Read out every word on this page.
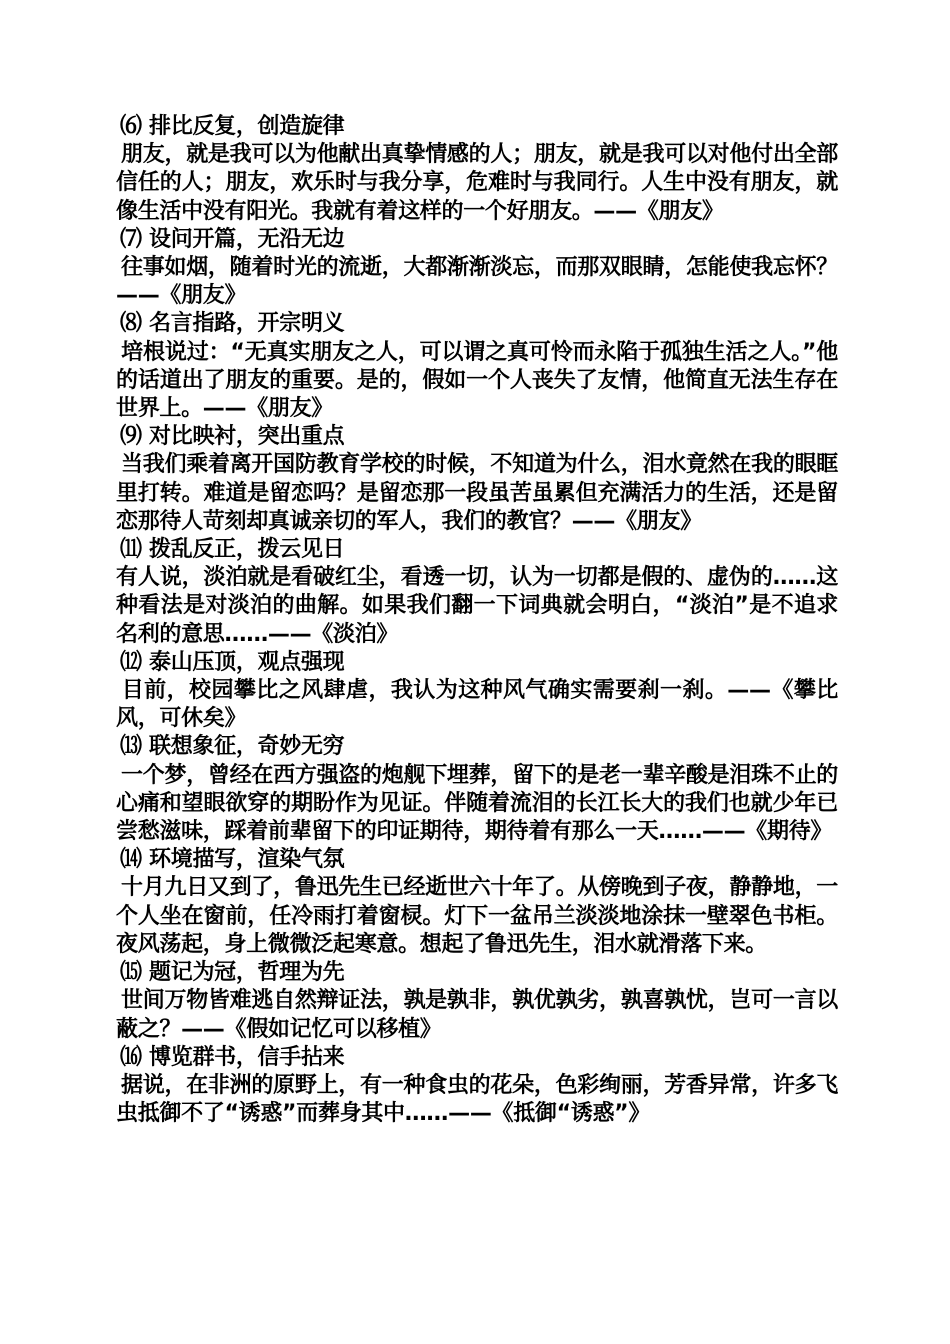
⑹ 排比反复，创造旋律
朋友，就是我可以为他献出真挚情感的人；朋友，就是我可以对他付出全部信任的人；朋友，欢乐时与我分享，危难时与我同行。人生中没有朋友，就像生活中没有阳光。我就有着这样的一个好朋友。——《朋友》
⑺ 设问开篇，无沿无边
往事如烟，随着时光的流逝，大都渐渐淡忘，而那双眼睛，怎能使我忘怀？——《朋友》
⑻ 名言指路，开宗明义
培根说过：“无真实朋友之人，可以谓之真可怜而永陷于孤独生活之人。”他的话道出了朋友的重要。是的，假如一个人丧失了友情，他简直无法生存在世界上。——《朋友》
⑼ 对比映衬，突出重点
当我们乘着离开国防教育学校的时候，不知道为什么，泪水竟然在我的眼眶里打转。难道是留恋吗？是留恋那一段虽苦虽累但充满活力的生活，还是留恋那待人苛刻却真诚亲切的军人，我们的教官？——《朋友》
⑾ 拨乱反正，拨云见日
有人说，淡泊就是看破红尘，看透一切，认为一切都是假的、虚伪的……这种看法是对淡泊的曲解。如果我们翻一下词典就会明白，“淡泊”是不追求名利的意思……——《淡泊》
⑿ 泰山压顶，观点强现
目前，校园攀比之风肆虐，我认为这种风气确实需要刹一刹。——《攀比风，可休矣》
⒀ 联想象征，奇妙无穷
一个梦，曾经在西方强盗的炮舰下埋葬，留下的是老一辈辛酸是泪珠不止的心痛和望眼欲穿的期盼作为见证。伴随着流泪的长江长大的我们也就少年已尝愁滋味，踩着前辈留下的印证期待，期待着有那么一天……——《期待》
⒁ 环境描写，渲染气氛
十月九日又到了，鲁迅先生已经逝世六十年了。从傍晚到子夜，静静地，一个人坐在窗前，任冷雨打着窗棂。灯下一盆吊兰淡淡地涂抹一壁翠色书柜。夜风荡起，身上微微泛起寒意。想起了鲁迅先生，泪水就滑落下来。
⒂ 题记为冠，哲理为先
世间万物皆难逃自然辩证法，孰是孰非，孰优孰劣，孰喜孰忧，岂可一言以蔽之？——《假如记忆可以移植》
⒃ 博览群书，信手拈来
据说，在非洲的原野上，有一种食虫的花朵，色彩绚丽，芳香异常，许多飞虫抵御不了“诱惑”而葬身其中……——《抵御“诱惑”》
